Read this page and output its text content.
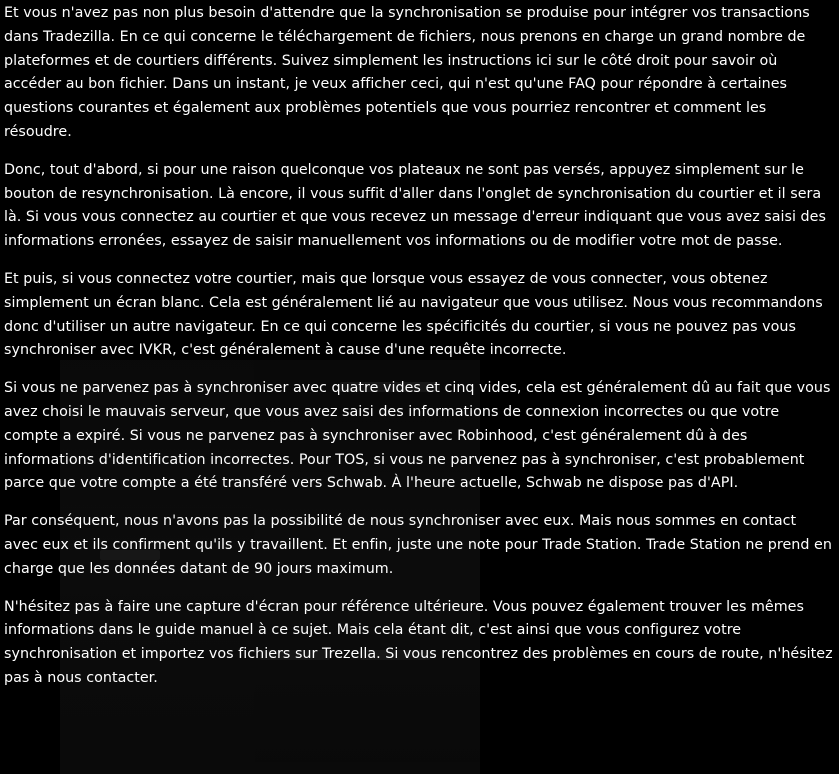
Et vous n'avez pas non plus besoin d'attendre que la synchronisation se produise pour intégrer vos transactions dans Tradezilla. En ce qui concerne le téléchargement de fichiers, nous prenons en charge un grand nombre de plateformes et de courtiers différents. Suivez simplement les instructions ici sur le côté droit pour savoir où accéder au bon fichier. Dans un instant, je veux afficher ceci, qui n'est qu'une FAQ pour répondre à certaines questions courantes et également aux problèmes potentiels que vous pourriez rencontrer et comment les résoudre.

Donc, tout d'abord, si pour une raison quelconque vos plateaux ne sont pas versés, appuyez simplement sur le bouton de resynchronisation. Là encore, il vous suffit d'aller dans l'onglet de synchronisation du courtier et il sera là. Si vous vous connectez au courtier et que vous recevez un message d'erreur indiquant que vous avez saisi des informations erronées, essayez de saisir manuellement vos informations ou de modifier votre mot de passe.

Et puis, si vous connectez votre courtier, mais que lorsque vous essayez de vous connecter, vous obtenez simplement un écran blanc. Cela est généralement lié au navigateur que vous utilisez. Nous vous recommandons donc d'utiliser un autre navigateur. En ce qui concerne les spécificités du courtier, si vous ne pouvez pas vous synchroniser avec IVKR, c'est généralement à cause d'une requête incorrecte.

Si vous ne parvenez pas à synchroniser avec quatre vides et cinq vides, cela est généralement dû au fait que vous avez choisi le mauvais serveur, que vous avez saisi des informations de connexion incorrectes ou que votre compte a expiré. Si vous ne parvenez pas à synchroniser avec Robinhood, c'est généralement dû à des informations d'identification incorrectes. Pour TOS, si vous ne parvenez pas à synchroniser, c'est probablement parce que votre compte a été transféré vers Schwab. À l'heure actuelle, Schwab ne dispose pas d'API.

Par conséquent, nous n'avons pas la possibilité de nous synchroniser avec eux. Mais nous sommes en contact avec eux et ils confirment qu'ils y travaillent. Et enfin, juste une note pour Trade Station. Trade Station ne prend en charge que les données datant de 90 jours maximum.

N'hésitez pas à faire une capture d'écran pour référence ultérieure. Vous pouvez également trouver les mêmes informations dans le guide manuel à ce sujet. Mais cela étant dit, c'est ainsi que vous configurez votre synchronisation et importez vos fichiers sur Trezella. Si vous rencontrez des problèmes en cours de route, n'hésitez pas à nous contacter.
